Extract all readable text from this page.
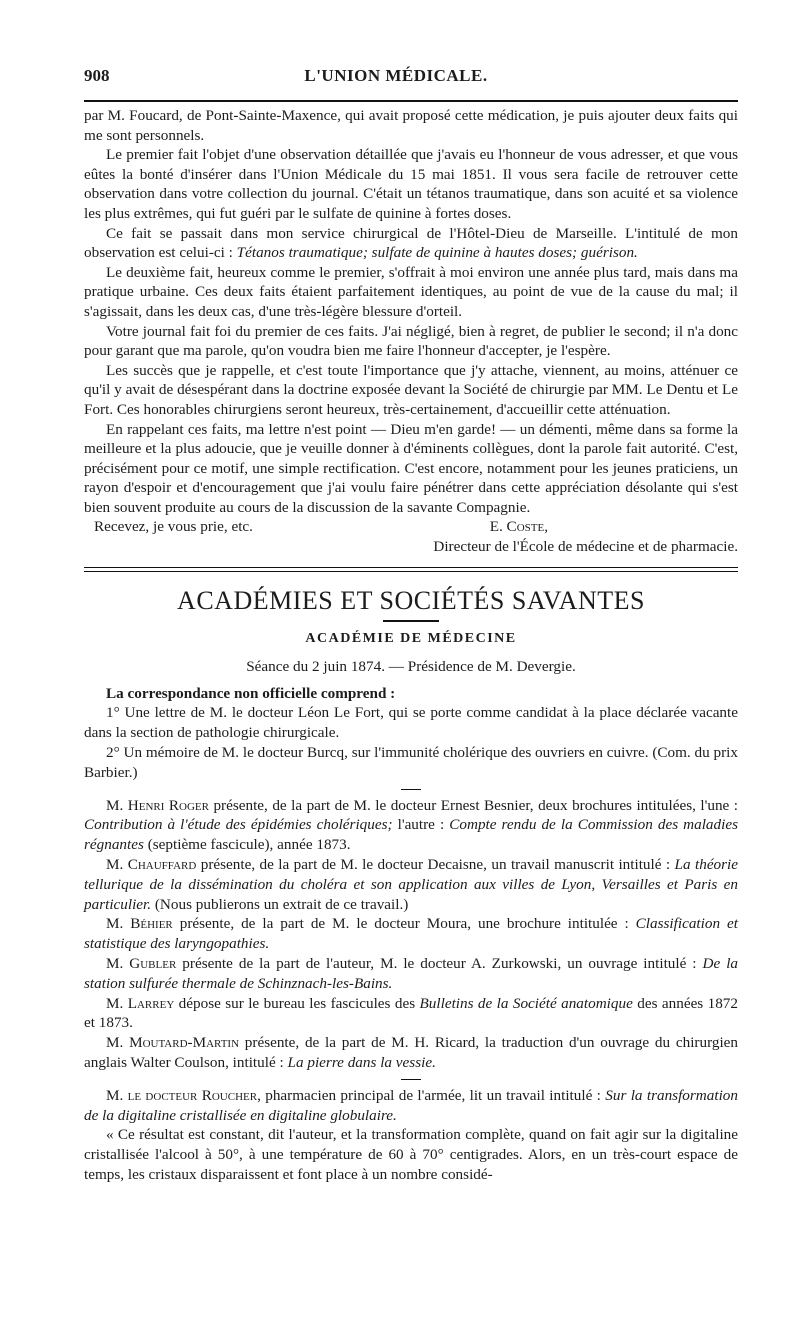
908	L'UNION MÉDICALE.

par M. Foucard, de Pont-Sainte-Maxence, qui avait proposé cette médication, je puis ajouter deux faits qui me sont personnels.

Le premier fait l'objet d'une observation détaillée que j'avais eu l'honneur de vous adresser, et que vous eûtes la bonté d'insérer dans l'Union Médicale du 15 mai 1851. Il vous sera facile de retrouver cette observation dans votre collection du journal. C'était un tétanos traumatique, dans son acuité et sa violence les plus extrêmes, qui fut guéri par le sulfate de quinine à fortes doses.

Ce fait se passait dans mon service chirurgical de l'Hôtel-Dieu de Marseille. L'intitulé de mon observation est celui-ci : Tétanos traumatique; sulfate de quinine à hautes doses; guérison.

Le deuxième fait, heureux comme le premier, s'offrait à moi environ une année plus tard, mais dans ma pratique urbaine. Ces deux faits étaient parfaitement identiques, au point de vue de la cause du mal; il s'agissait, dans les deux cas, d'une très-légère blessure d'orteil.

Votre journal fait foi du premier de ces faits. J'ai négligé, bien à regret, de publier le second; il n'a donc pour garant que ma parole, qu'on voudra bien me faire l'honneur d'accepter, je l'espère.

Les succès que je rappelle, et c'est toute l'importance que j'y attache, viennent, au moins, atténuer ce qu'il y avait de désespérant dans la doctrine exposée devant la Société de chirurgie par MM. Le Dentu et Le Fort. Ces honorables chirurgiens seront heureux, très-certainement, d'accueillir cette atténuation.

En rappelant ces faits, ma lettre n'est point — Dieu m'en garde! — un démenti, même dans sa forme la meilleure et la plus adoucie, que je veuille donner à d'éminents collègues, dont la parole fait autorité. C'est, précisément pour ce motif, une simple rectification. C'est encore, notamment pour les jeunes praticiens, un rayon d'espoir et d'encouragement que j'ai voulu faire pénétrer dans cette appréciation désolante qui s'est bien souvent produite au cours de la discussion de la savante Compagnie.

Recevez, je vous prie, etc.	E. Coste,
Directeur de l'École de médecine et de pharmacie.
ACADÉMIES ET SOCIÉTÉS SAVANTES
ACADÉMIE DE MÉDECINE
Séance du 2 juin 1874. — Présidence de M. Devergie.

La correspondance non officielle comprend :

1° Une lettre de M. le docteur Léon Le Fort, qui se porte comme candidat à la place déclarée vacante dans la section de pathologie chirurgicale.

2° Un mémoire de M. le docteur Burcq, sur l'immunité cholérique des ouvriers en cuivre. (Com. du prix Barbier.)

M. Henri Roger présente, de la part de M. le docteur Ernest Besnier, deux brochures intitulées, l'une : Contribution à l'étude des épidémies cholériques; l'autre : Compte rendu de la Commission des maladies régnantes (septième fascicule), année 1873.

M. Chauffard présente, de la part de M. le docteur Decaisne, un travail manuscrit intitulé : La théorie tellurique de la dissémination du choléra et son application aux villes de Lyon, Versailles et Paris en particulier. (Nous publierons un extrait de ce travail.)

M. Béhier présente, de la part de M. le docteur Moura, une brochure intitulée : Classification et statistique des laryngopathies.

M. Gubler présente de la part de l'auteur, M. le docteur A. Zurkowski, un ouvrage intitulé : De la station sulfurée thermale de Schinznach-les-Bains.

M. Larrey dépose sur le bureau les fascicules des Bulletins de la Société anatomique des années 1872 et 1873.

M. Moutard-Martin présente, de la part de M. H. Ricard, la traduction d'un ouvrage du chirurgien anglais Walter Coulson, intitulé : La pierre dans la vessie.

M. le docteur Roucher, pharmacien principal de l'armée, lit un travail intitulé : Sur la transformation de la digitaline cristallisée en digitaline globulaire.

« Ce résultat est constant, dit l'auteur, et la transformation complète, quand on fait agir sur la digitaline cristallisée l'alcool à 50°, à une température de 60 à 70° centigrades. Alors, en un très-court espace de temps, les cristaux disparaissent et font place à un nombre considé-
